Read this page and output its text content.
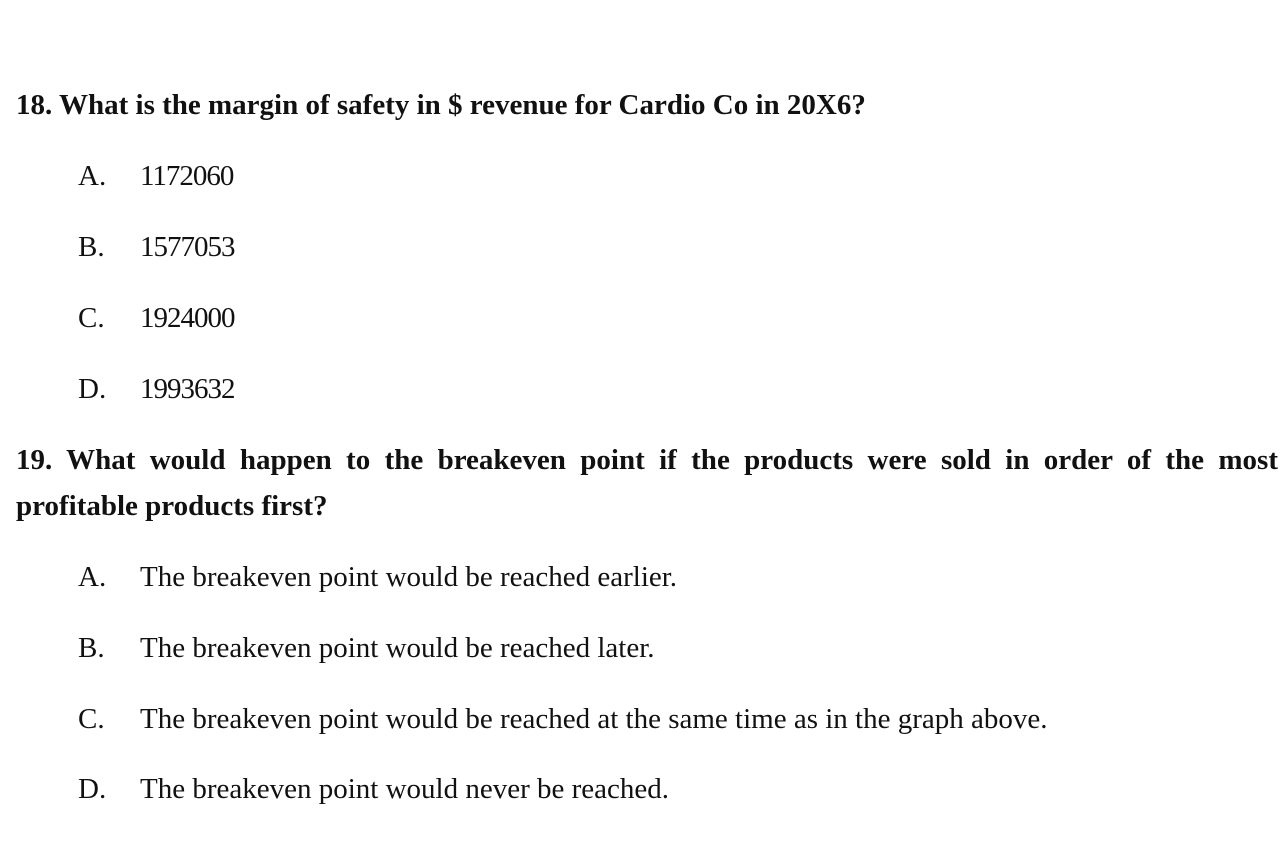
18. What is the margin of safety in $ revenue for Cardio Co in 20X6?

A. 1172060
B. 1577053
C. 1924000
D. 1993632

19. What would happen to the breakeven point if the products were sold in order of the most profitable products first?

A. The breakeven point would be reached earlier.
B. The breakeven point would be reached later.
C. The breakeven point would be reached at the same time as in the graph above.
D. The breakeven point would never be reached.
